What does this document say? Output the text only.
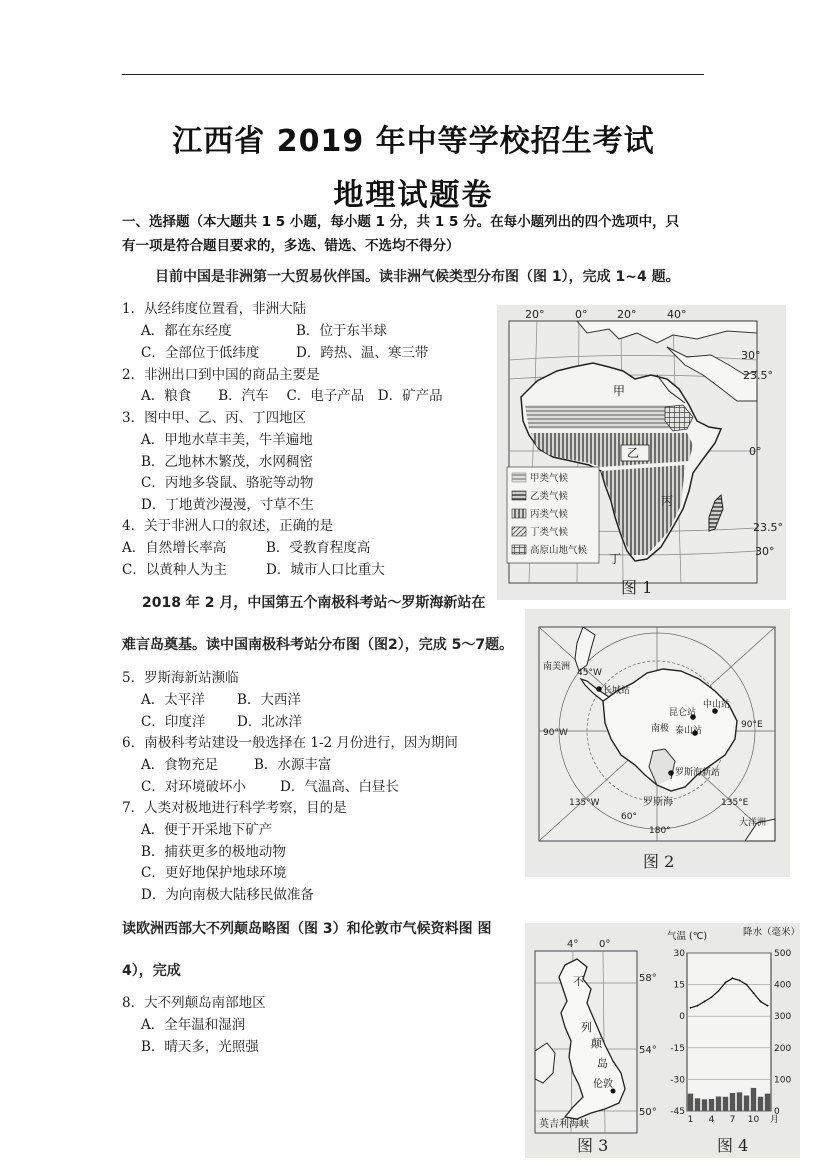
江西省 2019 年中等学校招生考试
地理试题卷
一、选择题（本大题共 1 5 小题，每小题 1 分，共 1 5 分。在每小题列出的四个选项中，只
有一项是符合题目要求的，多选、错选、不选均不得分）
目前中国是非洲第一大贸易伙伴国。读非洲气候类型分布图（图 1），完成 1~4 题。
1．从经纬度位置看，非洲大陆
A．都在东经度	B．位于东半球
C．全部位于低纬度	D．跨热、温、寒三带
2．非洲出口到中国的商品主要是
A．粮食　　B．汽车　 C．电子产品　D．矿产品
3．图中甲、乙、丙、丁四地区
A．甲地水草丰美，牛羊遍地
B．乙地林木繁茂，水网稠密
C．丙地多袋鼠、骆驼等动物
D．丁地黄沙漫漫，寸草不生
4．关于非洲人口的叙述，正确的是
A．自然增长率高	B．受教育程度高
C．以黄种人为主	D．城市人口比重大
2018 年 2 月，中国第五个南极科考站～罗斯海新站在
难言岛奠基。读中国南极科考站分布图（图2），完成 5～7题。
5．罗斯海新站濒临
A．太平洋 B．大西洋
C．印度洋 D．北冰洋
6．南极科考站建设一般选择在 1-2 月份进行，因为期间
A．食物充足	B．水源丰富
C．对环境破坏小	D．气温高、白昼长
7．人类对极地进行科学考察，目的是
A．便于开采地下矿产
B．捕获更多的极地动物
C．更好地保护地球环境
D．为向南极大陆移民做准备
读欧洲西部大不列颠岛略图（图 3）和伦敦市气候资料图 图
4），完成
8．大不列颠岛南部地区
A．全年温和湿润
B．晴天多，光照强
20°	0°	20°	40°
30°
23.5°
0°
23.5°
30°
甲
乙
丙
丁
甲类气候
乙类气候
丙类气候
丁类气候
高原山地气候
图 1
长城站
昆仑站
中山站
泰山站
罗斯海新站
南极
南美洲
罗斯海
大洋洲
90°W
90°E
180°
135°W	135°E
45°W
60°
图 2
不
列
颠
岛
伦敦
英吉利海峡
4° 0°
58°
54°
50°
图 3
气温 (℃)	降水（毫米）
30
15
0
-15
-30
-45
500
400
300
200
100
0
1 4 7 10 月
图 4
